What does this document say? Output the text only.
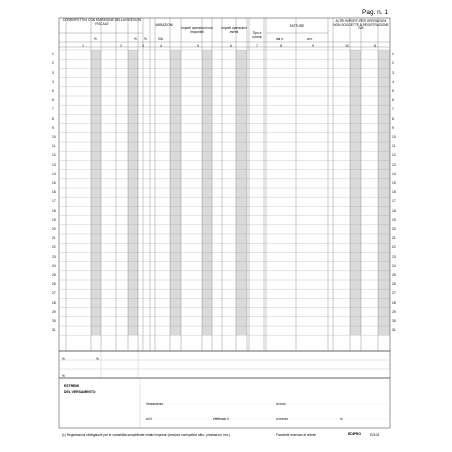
Pag. n. 1
CORRISPETTIVI CON EMISSIONE DELLA RICEVUTA FISCALE
%	%
VARIAZIONI
%	IVA
Importi operazioni non imponibili
Importi operazioni esenti	Tipo e norma
FATTURE
dal n.	al n.
ALTRI IMPORTI PER OPERAZIONI NON SOGGETTE A REGISTRAZIONE IVA
1	2	3	4	5	6	7	8	9	10	11
1	1
2	2
3	3
4	4
5	5
6	6
7	7
8	8
9	9
10	10
11	11
12	12
13	13
14	14
15	15
16	16
17	17
18	18
19	19
20	20
21	21
22	22
23	23
24	24
25	25
26	26
27	27
28	28
29	29
30	30
31	31
%	%
%
ESTREMI
DEL VERSAMENTO
Versamento	di euro
al N	effettuato il	a mezzo	in
(1) Registrazioni obbligatorie per le contabilità semplificate relativi imprese (cessioni corrispettivi altro, prestazioni, ecc.)	Facsimile riservato al cliente	EDIPRO	E2103
